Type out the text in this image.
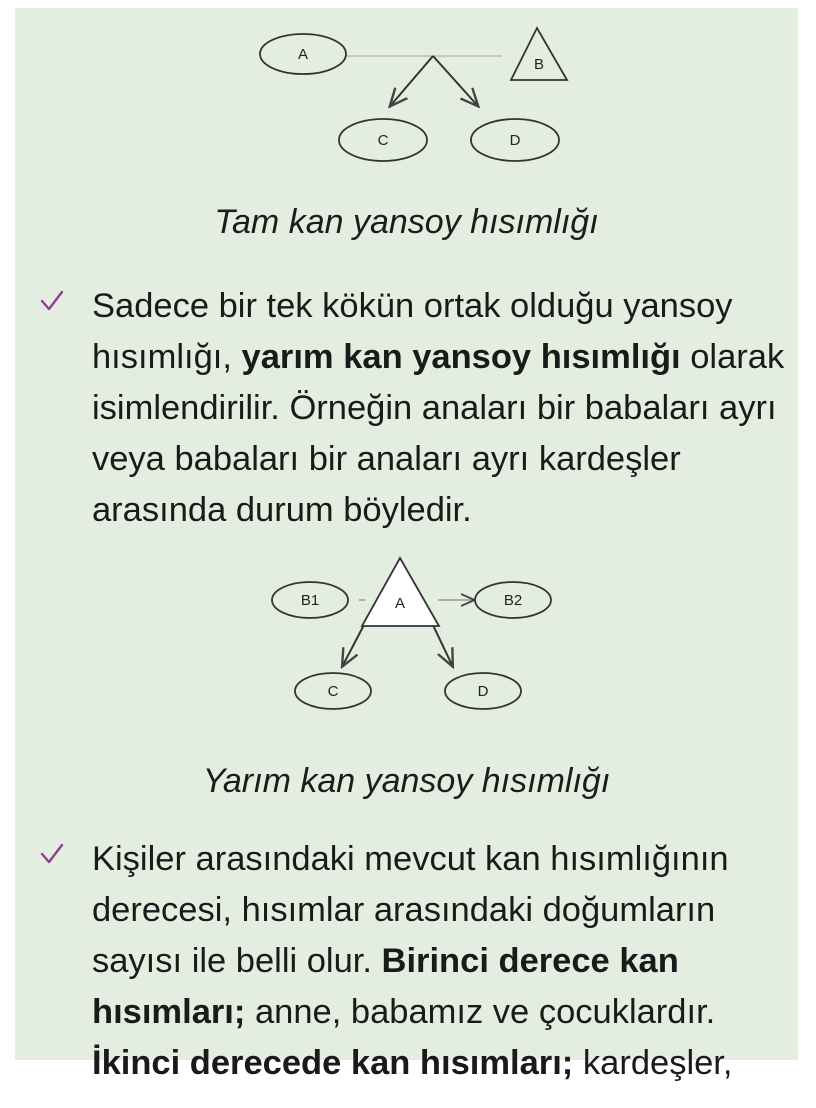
A
B
C	D
Tam kan yansoy hısımlığı
Sadece bir tek kökün ortak olduğu yansoy hısımlığı, yarım kan yansoy hısımlığı olarak isimlendirilir. Örneğin anaları bir babaları ayrı veya babaları bir anaları ayrı kardeşler arasında durum böyledir.
B1	A	B2
C	D
Yarım kan yansoy hısımlığı
Kişiler arasındaki mevcut kan hısımlığının derecesi, hısımlar arasındaki doğumların sayısı ile belli olur. Birinci derece kan hısımları; anne, babamız ve çocuklardır. İkinci derecede kan hısımları; kardeşler,
